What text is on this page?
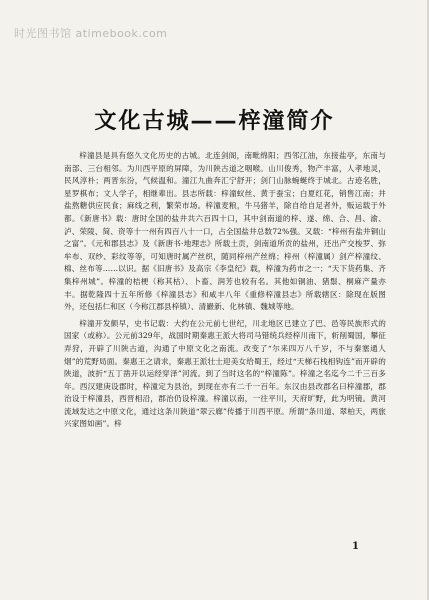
时光图书馆 atimebook.com
文化古城——梓潼简介

梓潼县是具有悠久文化历史的古城。北连剑阁，南毗绵阳；西邻江油，东接盐亭，东南与南部、三台相邻。为川西平原的屏障，为川陕古道之咽喉。山川俊秀，物产丰富，人孝地灵，民风淳朴；两晋东汾，气候温和。潼江九曲奔汇宁舒开；剑门山脉蜿蜒终于城北。古迹名胜，星罗棋布；文人学子，相继辈出。县志所载：梓潼蚁丝、黄于蚕宝；白夏红花，销售江南；井盐熬糖供应民食；麻线之利，繁荣市场。梓潼麦粮，牛马猪羊，除自给自足者外，贩运载于外都。《新唐书》载：唐时全国的盐井共六百四十口，其中剑南道的梓、遂、绵、合、昌、渝、泸、荣陵、简、资等十一州有四百八十一口，占全国盐井总数72%强。又载：“梓州有盐井铜山之富”。《元和郡县志》及《新唐书·地理志》所载土贡，剑南道所贡的盐州，还出产交梭罗、弥牟布、双纱、彩纹等等，可知唐时属产丝织，随同梓州产丝绵；梓州（梓潼属）剑产梓潼纹、棉、丝布等……以识。据《旧唐书》及高宗《李皇纪》载，梓潼为药市之一；“天下货药集、齐集梓州城”。梓潼的桔梗（称其枯）、卜畜、润芳也较有名。其他如铜油、猪鬃、桐麻产量亦丰。据乾隆四十五年所修《梓潼县志》和咸丰八年《重修梓潼县志》所载辖区：除现在版图外，还包括仁和区（今称江郡县梓镇）、清巖新、化林镇、魏城等地。

梓潼开发颇早，史书记载：大约在公元前七世纪，川北地区已建立了巴、邑等民族形式的国家（或称）。公元前329年，战国时期秦惠王派大将司马错统兵经梓川南下，斩削蜀国，攀征弄狩，开辟了川陕古道，沟通了中原文化之南流。改变了“尔来四万八千岁，不与秦塞通人烟”的荒野局面。秦惠王之请求，秦惠王派壮士迎美女给蜀王，经过“天梯石栈相钩连”而开辟的陕道，波折“五丁凿开以运经穿泽”河流。到了当时这名的“梓潼陈”。梓潼之名迄今二千三百多年。西汉建庚设郡时，梓潼定为县治，到现在亦有二千一百年。东汉由县改郡名曰梓潼郡，郡治设于梓潼县，西晋相沿，郡治仍设梓潼。梓潼以南，一往平川，天府旷野，此为明镜。黄河流域发达之中原文化，通过这条川陕道“翠云廊”传播于川西平原。所谓“条川道、翠柏天，两旅兴家图如画”。梓

1
